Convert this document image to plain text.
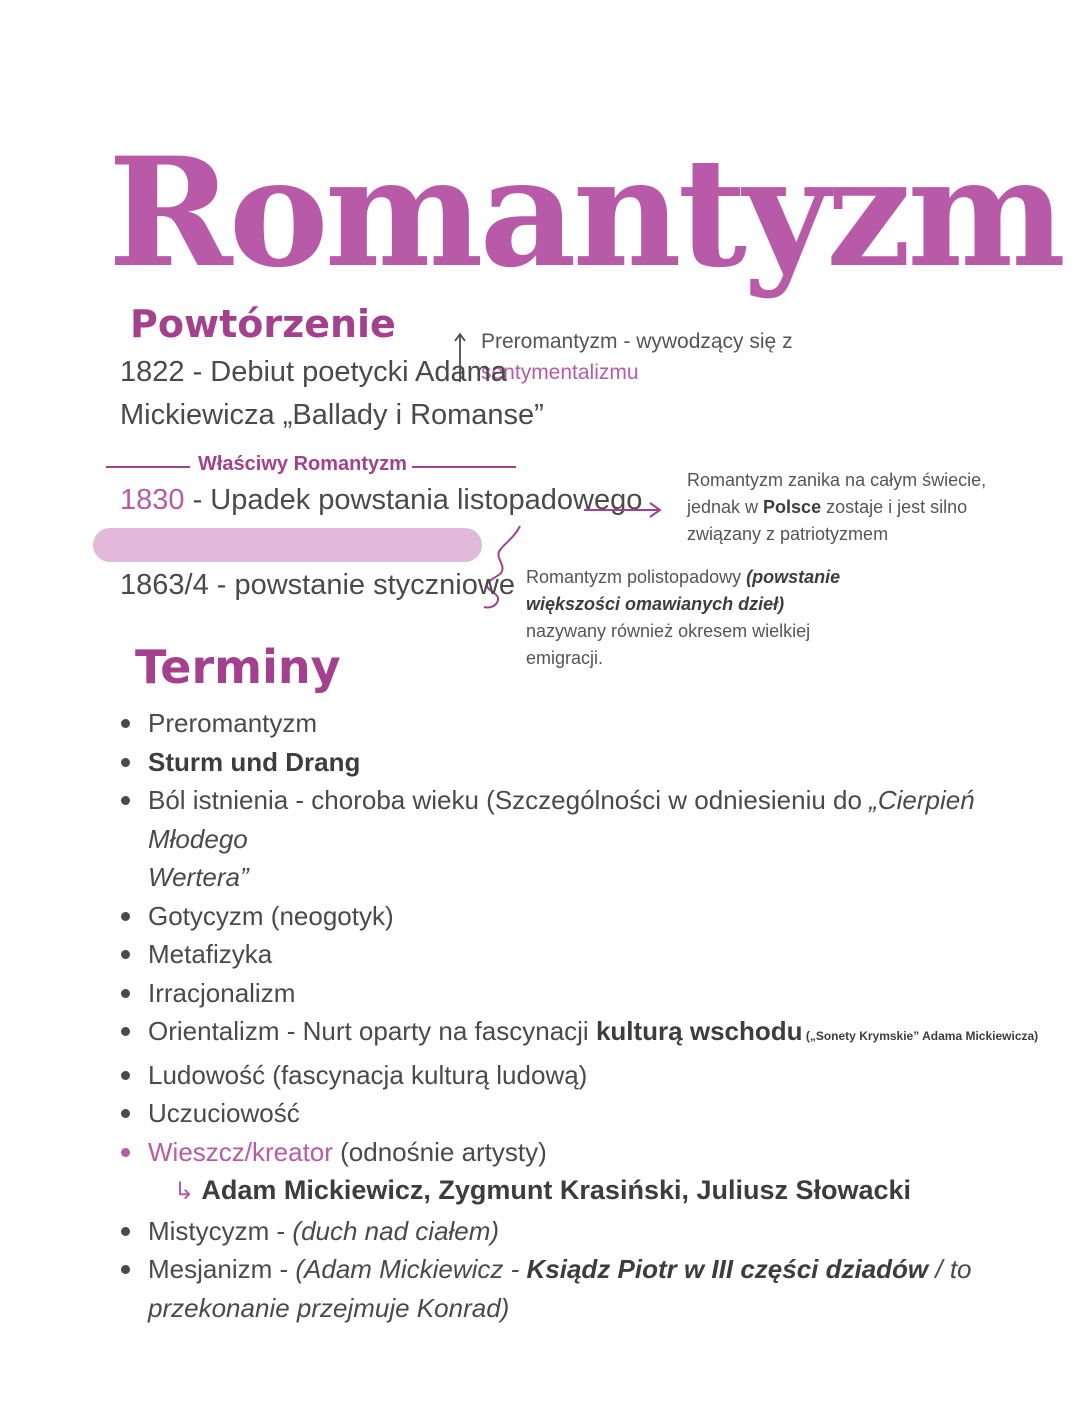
Romantyzm
Powtórzenie	Preromantyzm - wywodzący się z
sentymentalizmu
1822 - Debiut poetycki Adama
Mickiewicza „Ballady i Romanse”
Właściwy Romantyzm
1830 - Upadek powstania listopadowego
Romantyzm zanika na całym świecie,
jednak w Polsce zostaje i jest silno
związany z patriotyzmem
1863/4 - powstanie styczniowe Romantyzm polistopadowy (powstanie
większości omawianych dzieł)
nazywany również okresem wielkiej
emigracji.
Terminy
Preromantyzm
Sturm und Drang
Ból istnienia - choroba wieku (Szczególności w odniesieniu do „Cierpień Młodego
Wertera”
Gotycyzm (neogotyk)
Metafizyka
Irracjonalizm
Orientalizm - Nurt oparty na fascynacji kulturą wschodu („Sonety Krymskie” Adama Mickiewicza)
Ludowość (fascynacja kulturą ludową)
Uczuciowość
Wieszcz/kreator (odnośnie artysty)
↳ Adam Mickiewicz, Zygmunt Krasiński, Juliusz Słowacki
Mistycyzm - (duch nad ciałem)
Mesjanizm - (Adam Mickiewicz - Ksiądz Piotr w III części dziadów / to
przekonanie przejmuje Konrad)
